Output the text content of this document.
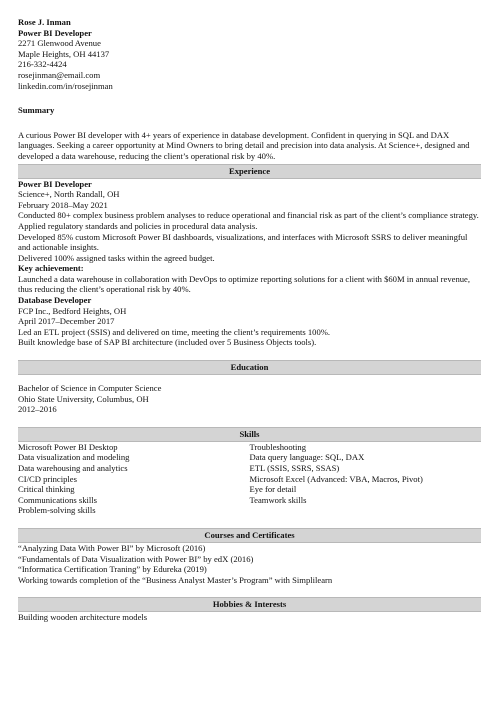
Rose J. Inman
Power BI Developer
2271 Glenwood Avenue
Maple Heights, OH 44137
216-332-4424
rosejinman@email.com
linkedin.com/in/rosejinman
Summary
A curious Power BI developer with 4+ years of experience in database development. Confident in querying in SQL and DAX languages. Seeking a career opportunity at Mind Owners to bring detail and precision into data analysis. At Science+, designed and developed a data warehouse, reducing the client’s operational risk by 40%.
Experience
Power BI Developer
Science+, North Randall, OH
February 2018–May 2021
Conducted 80+ complex business problem analyses to reduce operational and financial risk as part of the client’s compliance strategy.
Applied regulatory standards and policies in procedural data analysis.
Developed 85% custom Microsoft Power BI dashboards, visualizations, and interfaces with Microsoft SSRS to deliver meaningful and actionable insights.
Delivered 100% assigned tasks within the agreed budget.
Key achievement:
Launched a data warehouse in collaboration with DevOps to optimize reporting solutions for a client with $60M in annual revenue, thus reducing the client’s operational risk by 40%.
Database Developer
FCP Inc., Bedford Heights, OH
April 2017–December 2017
Led an ETL project (SSIS) and delivered on time, meeting the client’s requirements 100%.
Built knowledge base of SAP BI architecture (included over 5 Business Objects tools).
Education
Bachelor of Science in Computer Science
Ohio State University, Columbus, OH
2012–2016
Skills
Microsoft Power BI Desktop
Data visualization and modeling
Data warehousing and analytics
CI/CD principles
Critical thinking
Communications skills
Problem-solving skills
Troubleshooting
Data query language: SQL, DAX
ETL (SSIS, SSRS, SSAS)
Microsoft Excel (Advanced: VBA, Macros, Pivot)
Eye for detail
Teamwork skills
Courses and Certificates
“Analyzing Data With Power BI” by Microsoft (2016)
“Fundamentals of Data Visualization with Power BI” by edX (2016)
“Informatica Certification Traning” by Edureka (2019)
Working towards completion of the “Business Analyst Master’s Program” with Simplilearn
Hobbies & Interests
Building wooden architecture models
